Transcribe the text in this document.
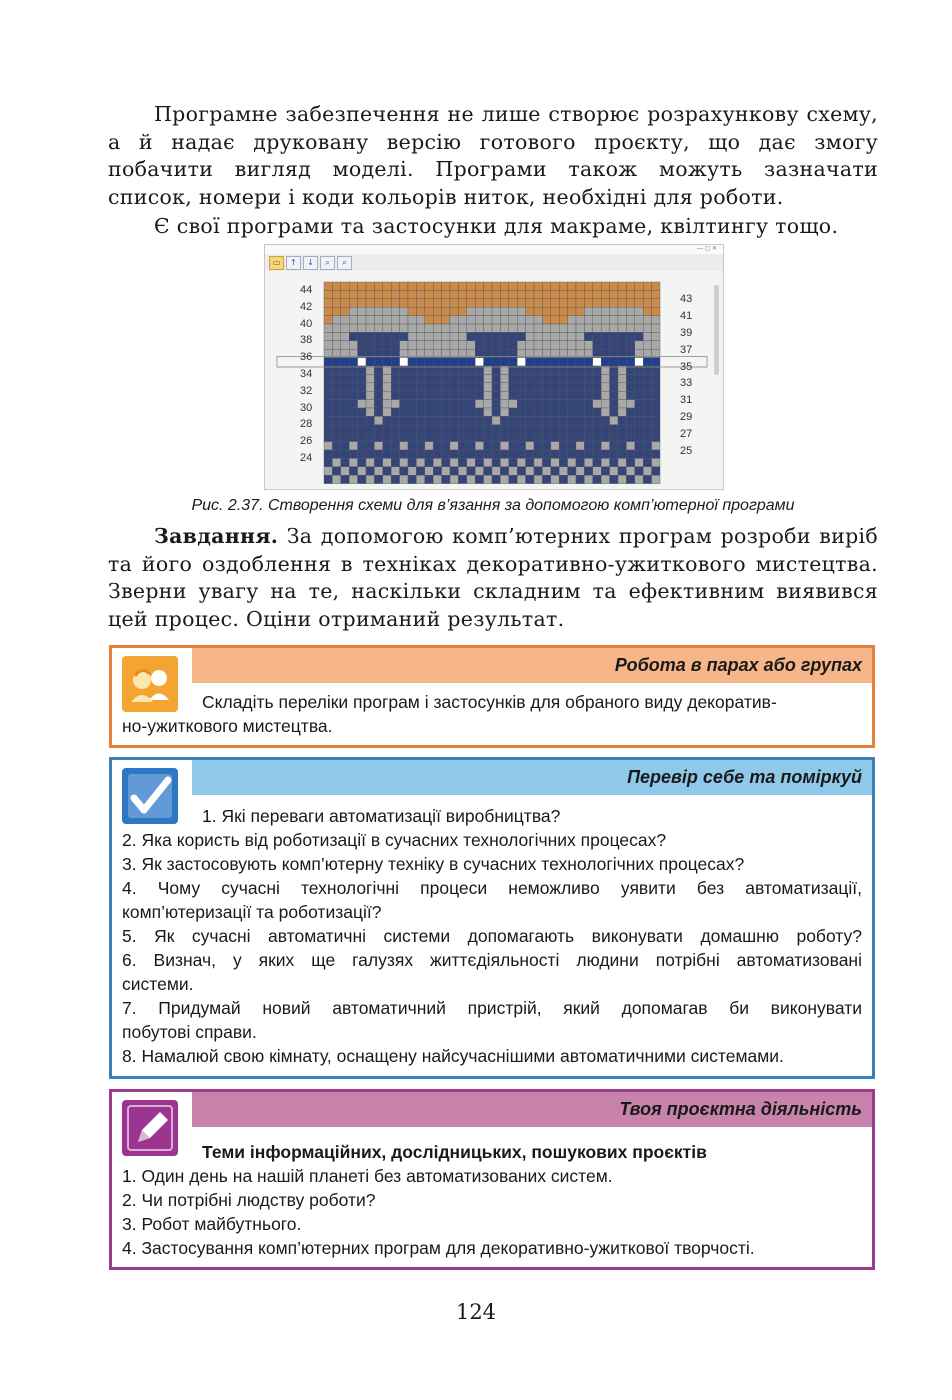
Програмне забезпечення не лише створює розрахункову схему, а й надає друковану версію готового проєкту, що дає змогу побачити вигляд моделі. Програми також можуть зазначати список, номери і коди кольорів ниток, необхідні для роботи.
Є свої програми та застосунки для макраме, квілтингу тощо.
— ▢ ✕
▭	↑	↓	⌕	⌕
44
42
40
38
36
34
32
30
28
26
24
43
41
39
37
35
33
31
29
27
25
Рис. 2.37. Створення схеми для в’язання за допомогою комп’ютерної програми
Завдання. За допомогою комп’ютерних програм розроби виріб та його оздоблення в техніках декоративно-ужиткового мистецтва. Зверни увагу на те, наскільки складним та ефективним виявився цей процес. Оціни отриманий результат.
Робота в парах або групах
Складіть переліки програм і застосунків для обраного виду декоратив-
но-ужиткового мистецтва.
Перевір себе та поміркуй
1. Які переваги автоматизації виробництва?
2. Яка користь від роботизації в сучасних технологічних процесах?
3. Як застосовують комп’ютерну техніку в сучасних технологічних процесах?
4. Чому сучасні технологічні процеси неможливо уявити без автоматизації,
комп’ютеризації та роботизації?
5. Як сучасні автоматичні системи допомагають виконувати домашню роботу?
6. Визнач, у яких ще галузях життєдіяльності людини потрібні автоматизовані
системи.
7. Придумай новий автоматичний пристрій, який допомагав би виконувати
побутові справи.
8. Намалюй свою кімнату, оснащену найсучаснішими автоматичними системами.
Твоя проєктна діяльність
Теми інформаційних, дослідницьких, пошукових проєктів
1. Один день на нашій планеті без автоматизованих систем.
2. Чи потрібні людству роботи?
3. Робот майбутнього.
4. Застосування комп’ютерних програм для декоративно-ужиткової творчості.
124
